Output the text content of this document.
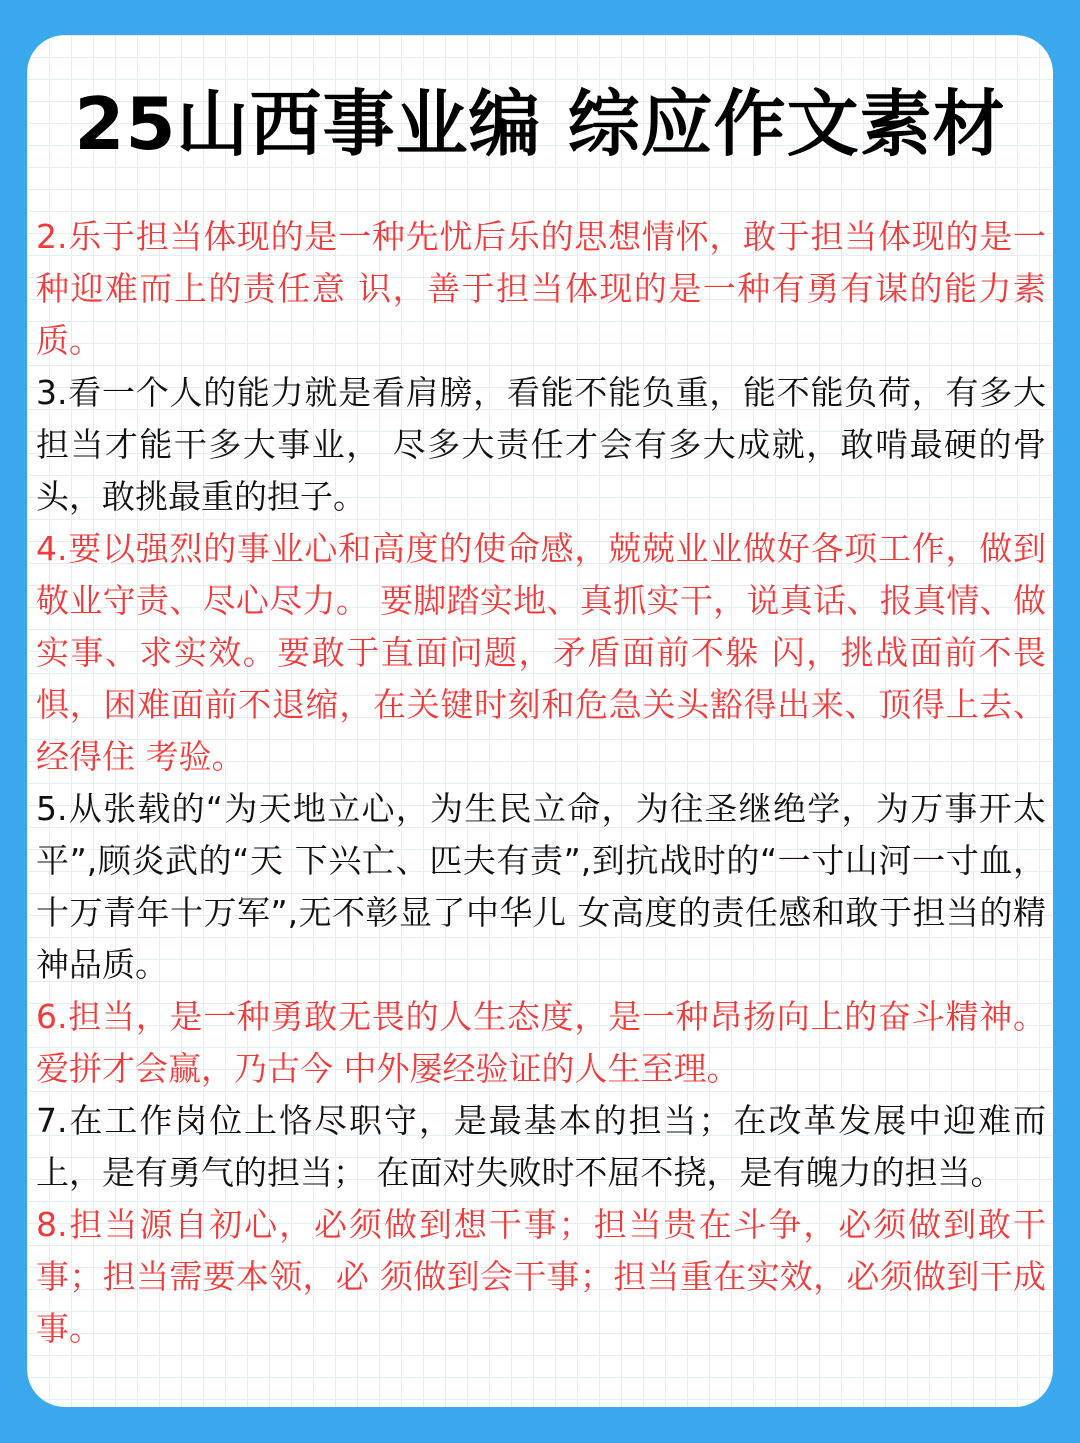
25山西事业编 综应作文素材

2.乐于担当体现的是一种先忧后乐的思想情怀，敢于担当体现的是一种迎难而上的责任意 识，善于担当体现的是一种有勇有谋的能力素质。

3.看一个人的能力就是看肩膀，看能不能负重，能不能负荷，有多大担当才能干多大事业， 尽多大责任才会有多大成就，敢啃最硬的骨头，敢挑最重的担子。

4.要以强烈的事业心和高度的使命感，兢兢业业做好各项工作，做到敬业守责、尽心尽力。 要脚踏实地、真抓实干，说真话、报真情、做实事、求实效。要敢于直面问题，矛盾面前不躲 闪，挑战面前不畏惧，困难面前不退缩，在关键时刻和危急关头豁得出来、顶得上去、经得住 考验。

5.从张载的“为天地立心，为生民立命，为往圣继绝学，为万事开太平”,顾炎武的“天 下兴亡、匹夫有责”,到抗战时的“一寸山河一寸血，十万青年十万军”,无不彰显了中华儿 女高度的责任感和敢于担当的精神品质。

6.担当，是一种勇敢无畏的人生态度，是一种昂扬向上的奋斗精神。爱拼才会赢，乃古今 中外屡经验证的人生至理。

7.在工作岗位上恪尽职守，是最基本的担当；在改革发展中迎难而上，是有勇气的担当； 在面对失败时不屈不挠，是有魄力的担当。

8.担当源自初心，必须做到想干事；担当贵在斗争，必须做到敢干事；担当需要本领，必 须做到会干事；担当重在实效，必须做到干成事。
